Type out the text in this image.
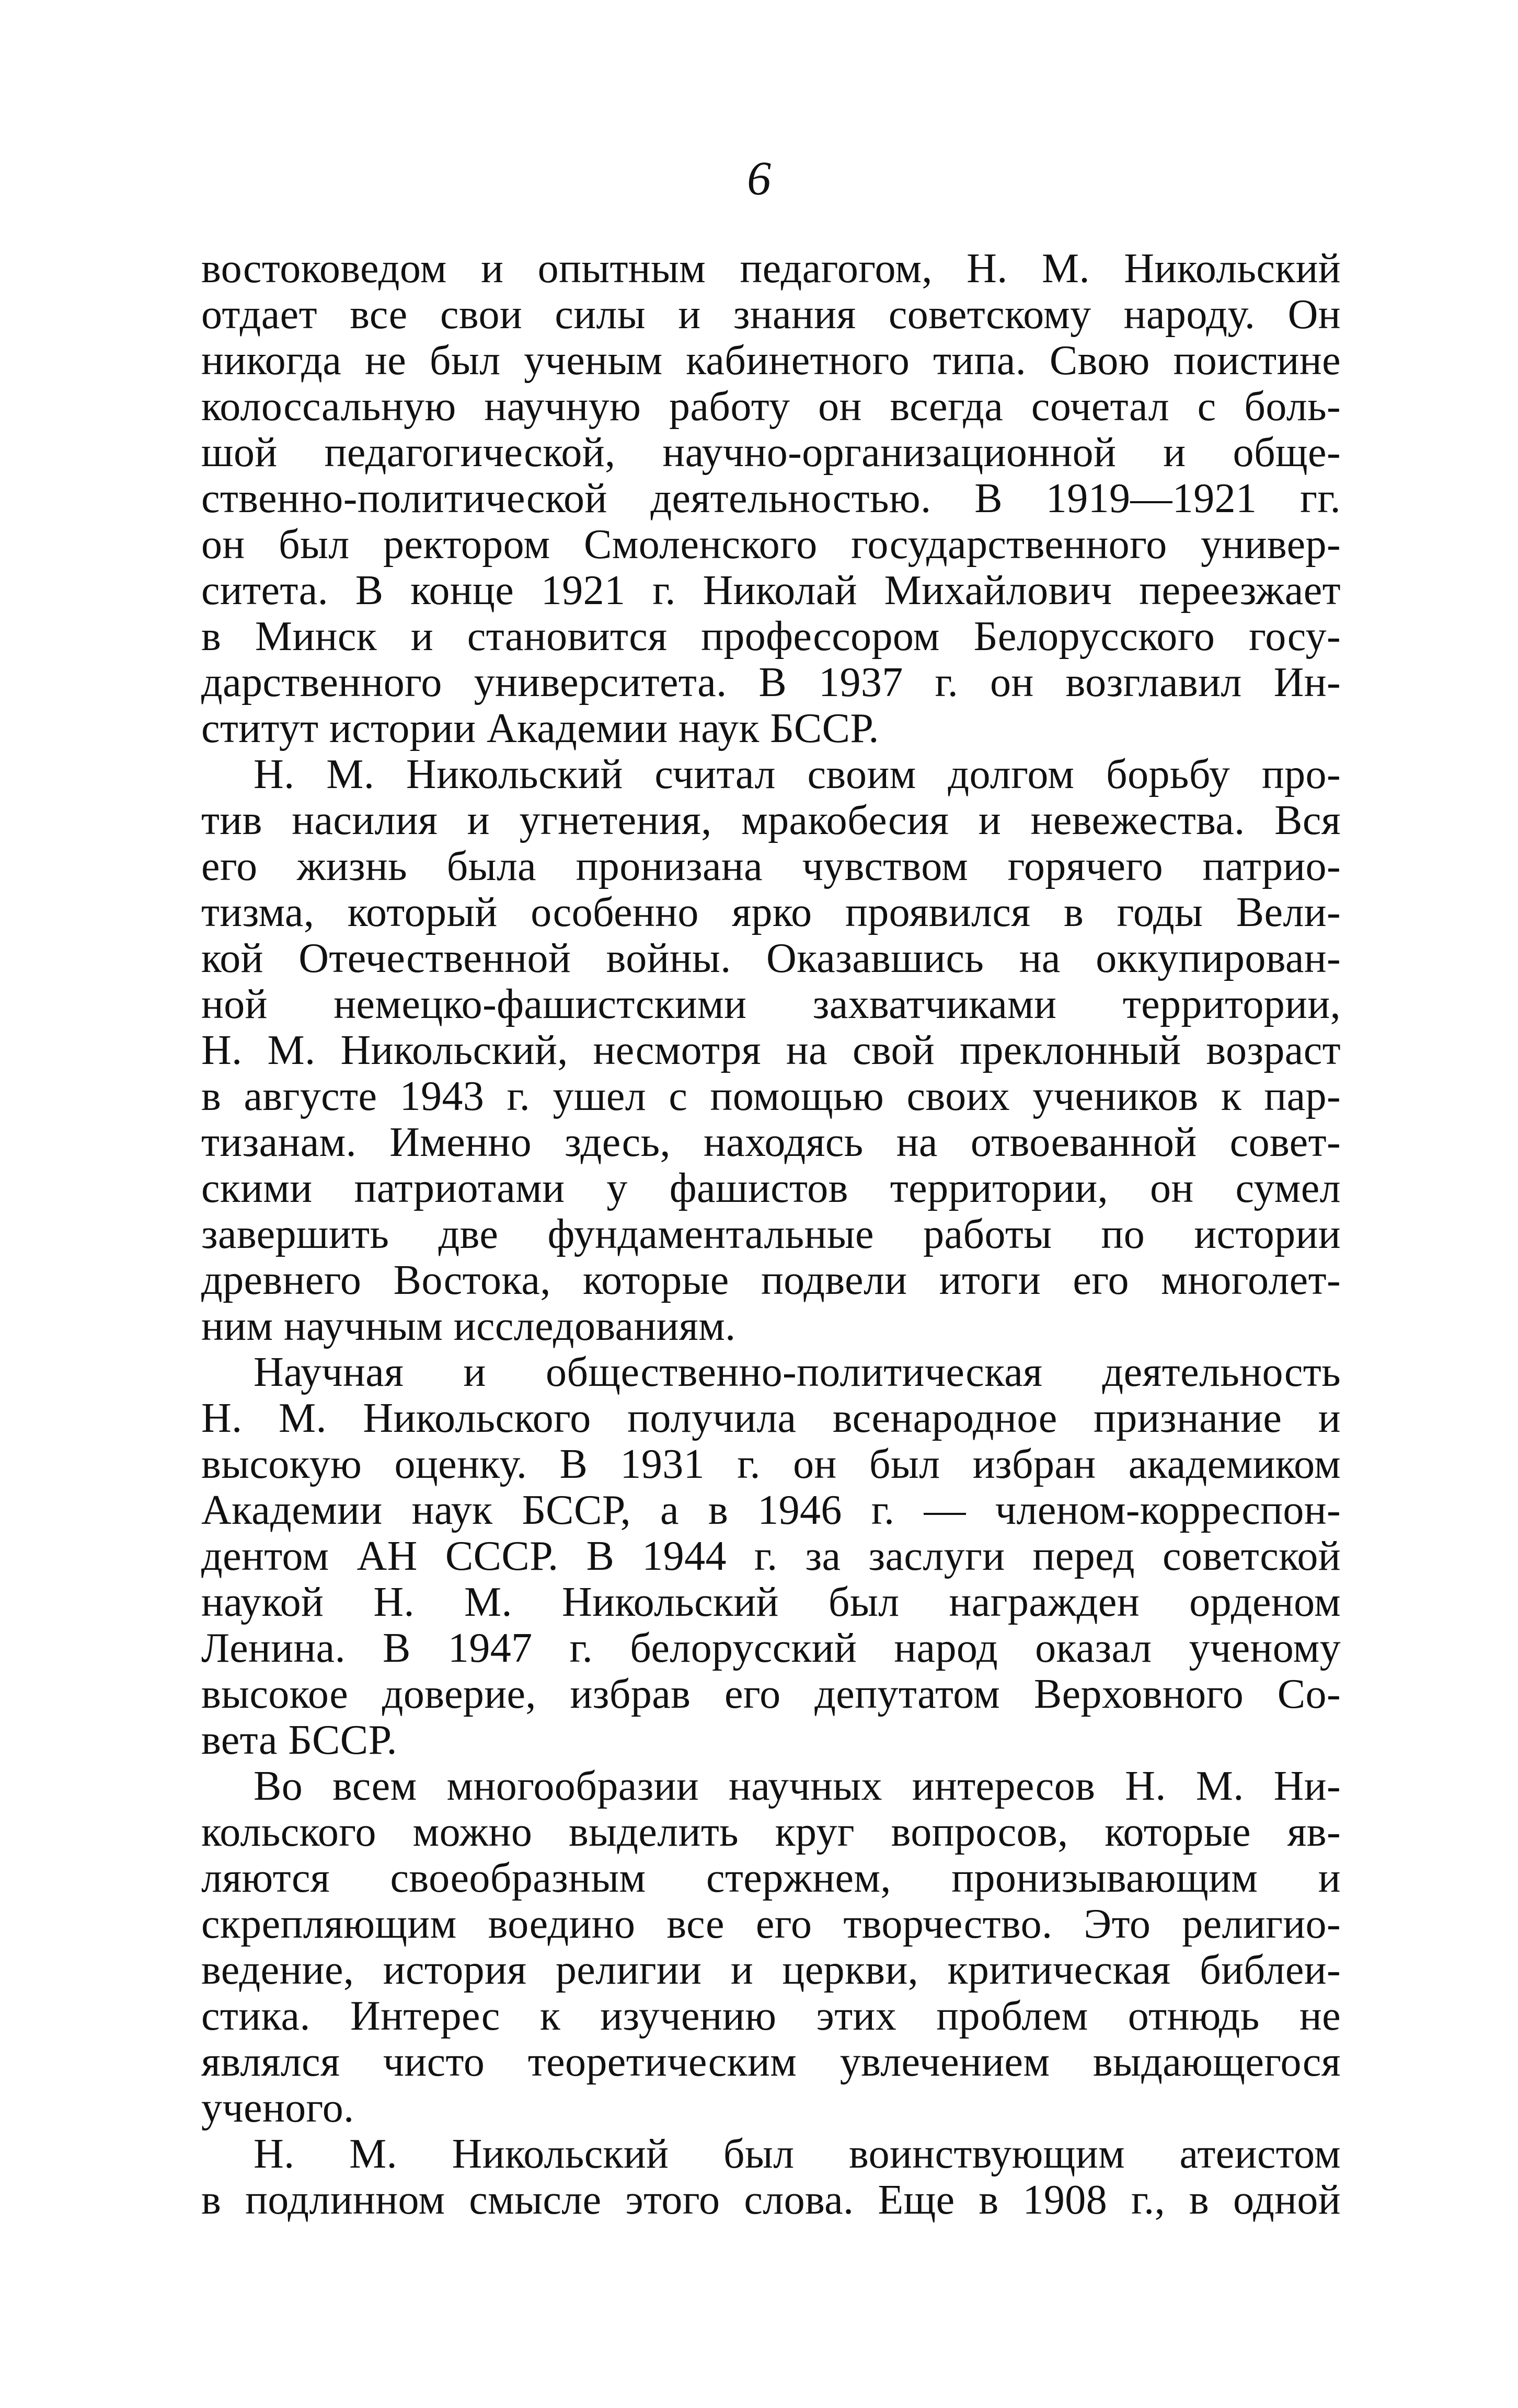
6
востоковедом и опытным педагогом, Н. М. Никольский
отдает все свои силы и знания советскому народу. Он
никогда не был ученым кабинетного типа. Свою поистине
колоссальную научную работу он всегда сочетал с боль-
шой педагогической, научно-организационной и обще-
ственно-политической деятельностью. В 1919—1921 гг.
он был ректором Смоленского государственного универ-
ситета. В конце 1921 г. Николай Михайлович переезжает
в Минск и становится профессором Белорусского госу-
дарственного университета. В 1937 г. он возглавил Ин-
ститут истории Академии наук БССР.
Н. М. Никольский считал своим долгом борьбу про-
тив насилия и угнетения, мракобесия и невежества. Вся
его жизнь была пронизана чувством горячего патрио-
тизма, который особенно ярко проявился в годы Вели-
кой Отечественной войны. Оказавшись на оккупирован-
ной немецко-фашистскими захватчиками территории,
Н. М. Никольский, несмотря на свой преклонный возраст
в августе 1943 г. ушел с помощью своих учеников к пар-
тизанам. Именно здесь, находясь на отвоеванной совет-
скими патриотами у фашистов территории, он сумел
завершить две фундаментальные работы по истории
древнего Востока, которые подвели итоги его многолет-
ним научным исследованиям.
Научная и общественно-политическая деятельность
Н. М. Никольского получила всенародное признание и
высокую оценку. В 1931 г. он был избран академиком
Академии наук БССР, а в 1946 г. — членом-корреспон-
дентом АН СССР. В 1944 г. за заслуги перед советской
наукой Н. М. Никольский был награжден орденом
Ленина. В 1947 г. белорусский народ оказал ученому
высокое доверие, избрав его депутатом Верховного Со-
вета БССР.
Во всем многообразии научных интересов Н. М. Ни-
кольского можно выделить круг вопросов, которые яв-
ляются своеобразным стержнем, пронизывающим и
скрепляющим воедино все его творчество. Это религио-
ведение, история религии и церкви, критическая библеи-
стика. Интерес к изучению этих проблем отнюдь не
являлся чисто теоретическим увлечением выдающегося
ученого.
Н. М. Никольский был воинствующим атеистом
в подлинном смысле этого слова. Еще в 1908 г., в одной
